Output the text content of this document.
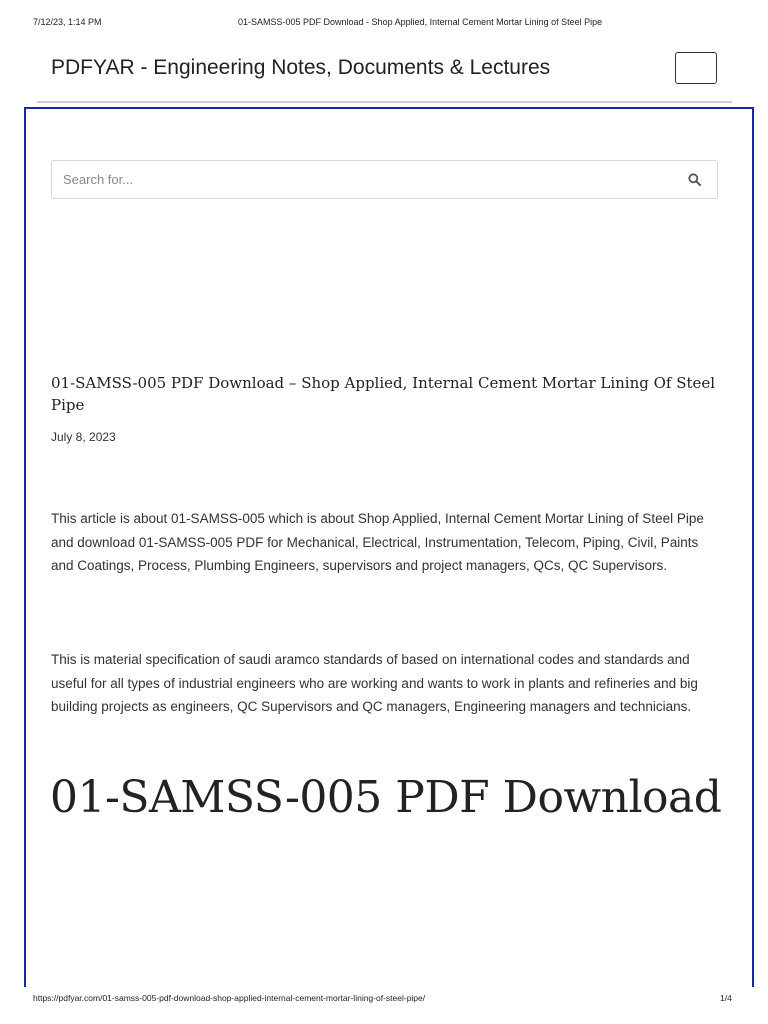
7/12/23, 1:14 PM	01-SAMSS-005 PDF Download - Shop Applied, Internal Cement Mortar Lining of Steel Pipe
PDFYAR - Engineering Notes, Documents & Lectures
Search for...
01-SAMSS-005 PDF Download – Shop Applied, Internal Cement Mortar Lining Of Steel Pipe
July 8, 2023

This article is about 01-SAMSS-005 which is about Shop Applied, Internal Cement Mortar Lining of Steel Pipe and download 01-SAMSS-005 PDF for Mechanical, Electrical, Instrumentation, Telecom, Piping, Civil, Paints and Coatings, Process, Plumbing Engineers, supervisors and project managers, QCs, QC Supervisors.

This is material specification of saudi aramco standards of based on international codes and standards and useful for all types of industrial engineers who are working and wants to work in plants and refineries and big building projects as engineers, QC Supervisors and QC managers, Engineering managers and technicians.

01-SAMSS-005 PDF Download
https://pdfyar.com/01-samss-005-pdf-download-shop-applied-internal-cement-mortar-lining-of-steel-pipe/	1/4
